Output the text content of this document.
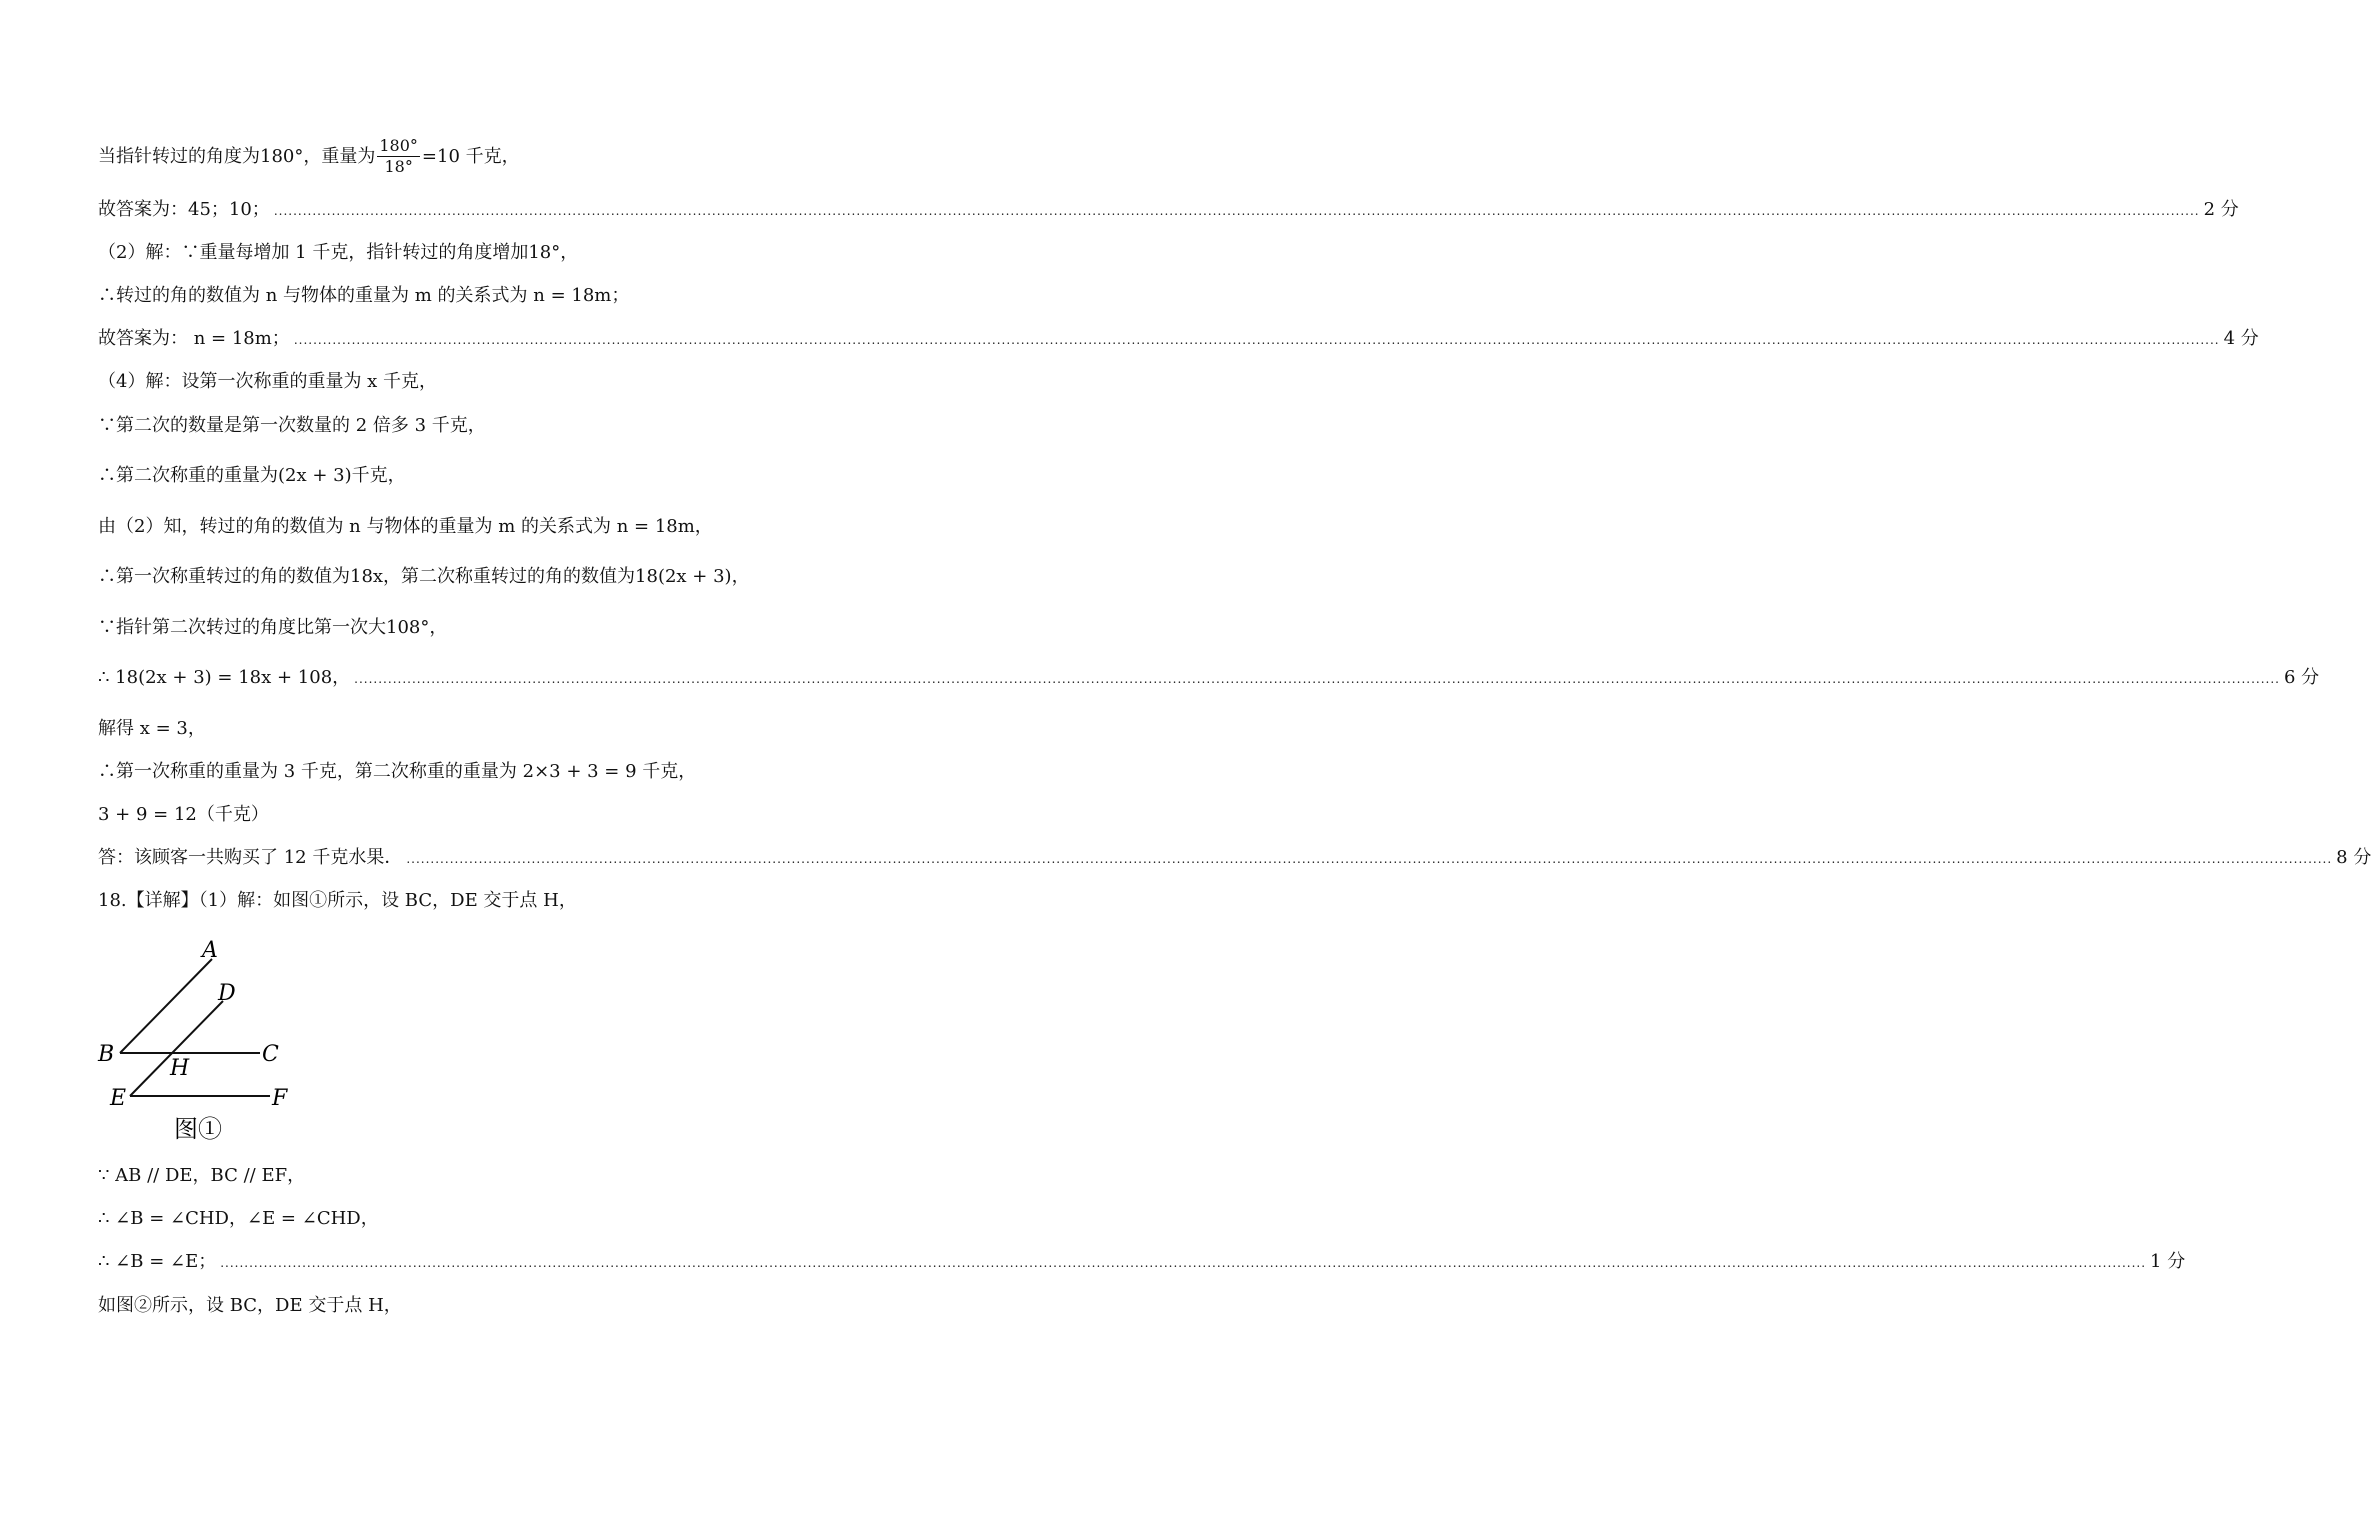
当指针转过的角度为180°，重量为 $\frac{180^\circ}{18^\circ} =10$ 千克，
故答案为：45；10； ................................................................................................................................................................................................................................................................................................................................................................................................................ 2 分
（2）解：∵重量每增加 1 千克，指针转过的角度增加18°，
∴转过的角的数值为 n 与物体的重量为 m 的关系式为 n = 18m；
故答案为： n = 18m； ................................................................................................................................................................................................................................................................................................................................................................................................................ 4 分
（4）解：设第一次称重的重量为 x 千克，
∵第二次的数量是第一次数量的 2 倍多 3 千克，
∴第二次称重的重量为(2x + 3)千克，
由（2）知，转过的角的数值为 n 与物体的重量为 m 的关系式为 n = 18m，
∴第一次称重转过的角的数值为18x，第二次称重转过的角的数值为18(2x + 3)，
∵指针第二次转过的角度比第一次大108°，
∴ 18(2x + 3) = 18x + 108， ................................................................................................................................................................................................................................................................................................................................................................................................................ 6 分
解得 x = 3，
∴第一次称重的重量为 3 千克，第二次称重的重量为 2×3 + 3 = 9 千克，
3 + 9 = 12（千克）
答：该顾客一共购买了 12 千克水果． ................................................................................................................................................................................................................................................................................................................................................................................................................ 8 分
18.【详解】（1）解：如图①所示，设 BC，DE 交于点 H，
A
D
B	C
H
E	F
图①
∵ AB // DE，BC // EF，
∴ ∠B = ∠CHD，∠E = ∠CHD，
∴ ∠B = ∠E； ................................................................................................................................................................................................................................................................................................................................................................................................................ 1 分
如图②所示，设 BC，DE 交于点 H，
